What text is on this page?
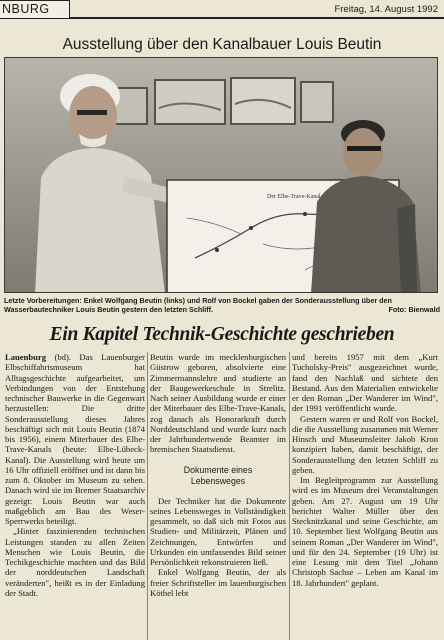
NBURG	Freitag, 14. August 1992
Ausstellung über den Kanalbauer Louis Beutin
Der Elbe-Trave-Kanal
Letzte Vorbereitungen: Enkel Wolfgang Beutin (links) und Rolf von Bockel gaben der Sonderausstellung über den Wasserbautechniker Louis Beutin gestern den letzten Schliff.	Foto: Bienwald
Ein Kapitel Technik-Geschichte geschrieben

Lauenburg (bd). Das Lauenburger Elbschiffahrtsmuseum hat Alltagsgeschichte aufgearbeitet, um Verbindungen von der Entstehung technischer Bauwerke in die Gegenwart herzustellen: Die dritte Sonderausstellung dieses Jahres beschäftigt sich mit Louis Beutin (1874 bis 1956), einem Miterbauer des Elbe-Trave-Kanals (heute: Elbe-Lübeck-Kanal). Die Ausstellung wird heute um 16 Uhr offiziell eröffnet und ist dann bis zum 8. Oktober im Museum zu sehen. Danach wird sie im Bremer Staatsarchiv gezeigt: Louis Beutin war auch maßgeblich am Bau des Weser-Sperrwerks beteiligt.

„Hinter faszinierenden technischen Leistungen standen zu allen Zeiten Menschen wie Louis Beutin, die Techikgeschichte machten und das Bild der norddeutschen Landschaft veränderten", heißt es in der Einladung der Stadt.

Beutin wurde im mecklenburgischen Güstrow geboren, absolvierte eine Zimmermannslehre und studierte an der Baugewerkeschule in Strelitz. Nach seiner Ausbildung wurde er einer der Miterbauer des Elbe-Trave-Kanals, zog danach als Honorarkraft durch Norddeutschland und wurde kurz nach der Jahrhundertwende Beamter im bremischen Staatsdienst.

Dokumente eines
Lebensweges

Der Techniker hat die Dokumente seines Lebensweges in Vollständigkeit gesammelt, so daß sich mit Fotos aus Studien- und Militärzeit, Plänen und Zeichnungen, Entwürfen und Urkunden ein umfassendes Bild seiner Persönlichkeit rekonstruieren ließ.

Enkel Wolfgang Beutin, der als freier Schriftsteller im lauenburgischen Köthel lebt

und bereits 1957 mit dem „Kurt Tucholsky-Preis" ausgezeichnet wurde, fand den Nachlaß und sichtete den Bestand. Aus den Materialien entwickelte er den Roman „Der Wanderer im Wind", der 1991 veröffentlicht wurde.

Gestern waren er und Rolf von Bockel, die die Ausstellung zusammen mit Werner Hinsch und Museumsleiter Jakob Kron konzipiert haben, damit beschäftigt, der Sonderausstellung den letzten Schliff zu geben.

Im Begleitprogramm zur Ausstellung wird es im Museum drei Veranstaltungen geben. Am 27. August um 19 Uhr berichtet Walter Müller über den Stecknitzkanal und seine Geschichte, am 10. September liest Wolfgang Beutin aus seinem Roman „Der Wanderer im Wind", und für den 24. September (19 Uhr) ist eine Lesung mit dem Titel „Johann Christoph Sachse – Leben am Kanal im 18. Jahrhundert" geplant.
